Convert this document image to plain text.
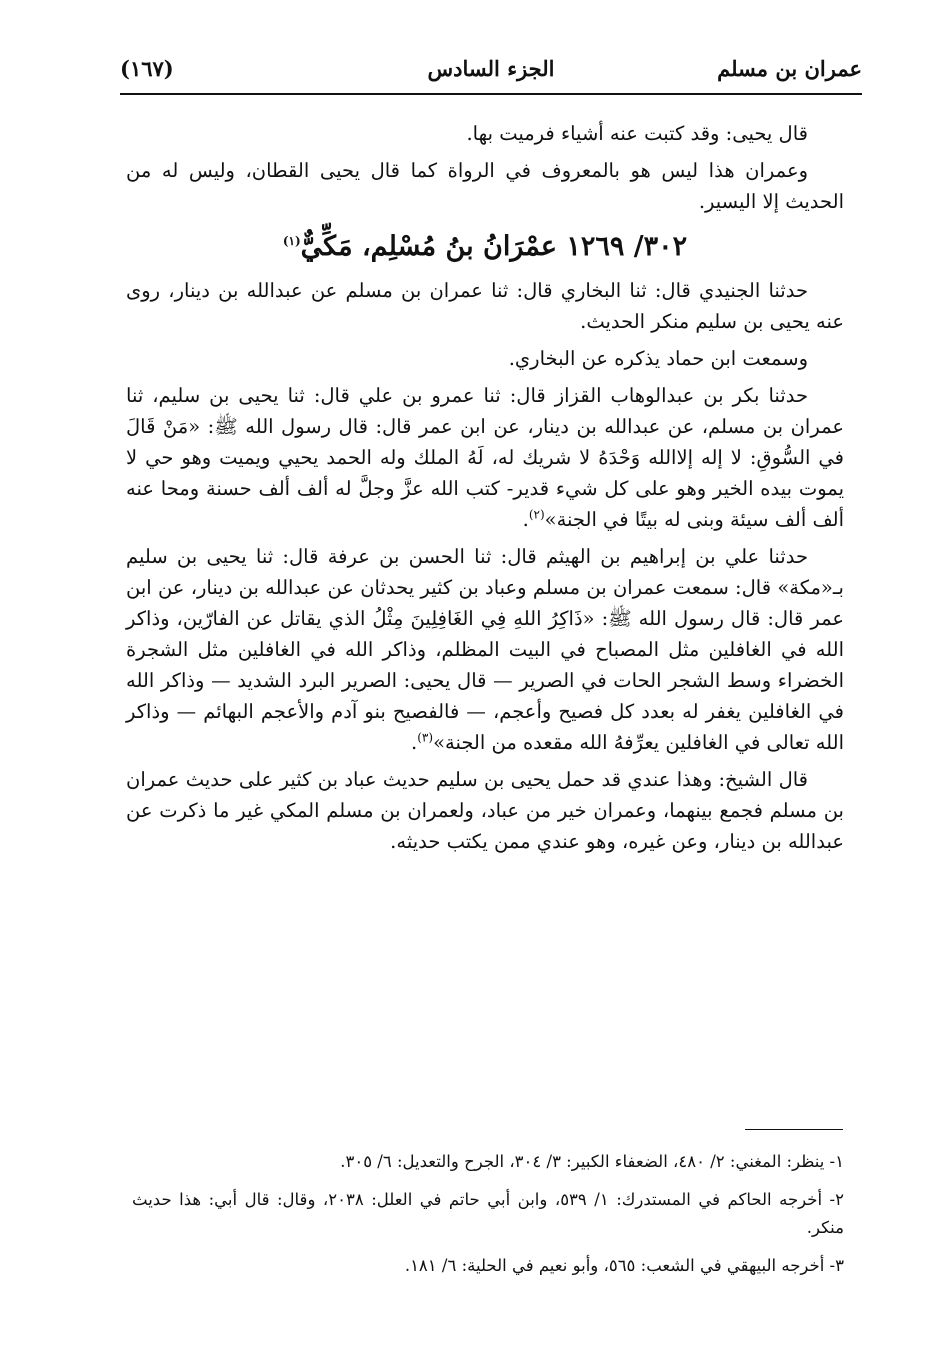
عمران بن مسلم
الجزء السادس
(١٦٧)

قال يحيى: وقد كتبت عنه أشياء فرميت بها.

وعمران هذا ليس هو بالمعروف في الرواة كما قال يحيى القطان، وليس له من الحديث إلا اليسير.

٣٠٢/ ١٢٦٩ عمْرَانُ بنُ مُسْلِم، مَكِّيٌّ$^{(١)}$

حدثنا الجنيدي قال: ثنا البخاري قال: ثنا عمران بن مسلم عن عبدالله بن دينار، روى عنه يحيى بن سليم منكر الحديث.

وسمعت ابن حماد يذكره عن البخاري.

حدثنا بكر بن عبدالوهاب القزاز قال: ثنا عمرو بن علي قال: ثنا يحيى بن سليم، ثنا عمران بن مسلم، عن عبدالله بن دينار، عن ابن عمر قال: قال رسول الله ﷺ: «مَنْ قَالَ في السُّوقِ: لا إله إلاالله وَحْدَهُ لا شريك له، لَهُ الملك وله الحمد يحيي ويميت وهو حي لا يموت بيده الخير وهو على كل شيء قدير- كتب الله عزَّ وجلَّ له ألف ألف حسنة ومحا عنه ألف ألف سيئة وبنى له بيتًا في الجنة»$^{(٢)}$.

حدثنا علي بن إبراهيم بن الهيثم قال: ثنا الحسن بن عرفة قال: ثنا يحيى بن سليم بـ«مكة» قال: سمعت عمران بن مسلم وعباد بن كثير يحدثان عن عبدالله بن دينار، عن ابن عمر قال: قال رسول الله ﷺ: «ذَاكِرُ اللهِ فِي الغَافِلِينَ مِثْلُ الذي يقاتل عن الفارّين، وذاكر الله في الغافلين مثل المصباح في البيت المظلم، وذاكر الله في الغافلين مثل الشجرة الخضراء وسط الشجر الحات في الصرير — قال يحيى: الصرير البرد الشديد — وذاكر الله في الغافلين يغفر له بعدد كل فصيح وأعجم، — فالفصيح بنو آدم والأعجم البهائم — وذاكر الله تعالى في الغافلين يعرِّفهُ الله مقعده من الجنة»$^{(٣)}$.

قال الشيخ: وهذا عندي قد حمل يحيى بن سليم حديث عباد بن كثير على حديث عمران بن مسلم فجمع بينهما، وعمران خير من عباد، ولعمران بن مسلم المكي غير ما ذكرت عن عبدالله بن دينار، وعن غيره، وهو عندي ممن يكتب حديثه.

١- ينظر: المغني: ٢/ ٤٨٠، الضعفاء الكبير: ٣/ ٣٠٤، الجرح والتعديل: ٦/ ٣٠٥.

٢- أخرجه الحاكم في المستدرك: ١/ ٥٣٩، وابن أبي حاتم في العلل: ٢٠٣٨، وقال: قال أبي: هذا حديث منكر.

٣- أخرجه البيهقي في الشعب: ٥٦٥، وأبو نعيم في الحلية: ٦/ ١٨١.
